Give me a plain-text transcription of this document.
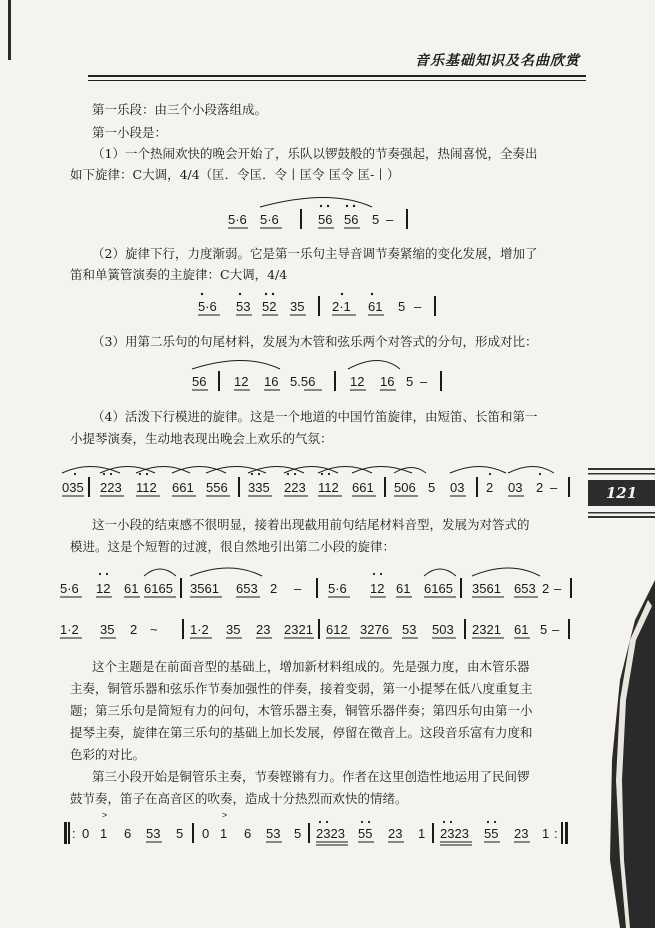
音乐基础知识及名曲欣赏
第一乐段：由三个小段落组成。
第一小段是：
（1）一个热闹欢快的晚会开始了，乐队以锣鼓般的节奏强起，热闹喜悦，全奏出
如下旋律：C大调，4/4（匡．令匡．令丨匡令 匡令 匡-丨）
5·6 5·6	56 56 5 –
（2）旋律下行，力度渐弱。它是第一乐句主导音调节奏紧缩的变化发展，增加了
笛和单簧管演奏的主旋律：C大调，4/4
5·6 53 52 35 2·1 61 5 –
（3）用第二乐句的句尾材料，发展为木管和弦乐两个对答式的分句，形成对比：
56 12 16 5.56	12 16 5 –
（4）活泼下行模进的旋律。这是一个地道的中国竹笛旋律，由短笛、长笛和第一
小提琴演奏，生动地表现出晚会上欢乐的气氛：
035 223 112 661 556 335 223 112 661 506 5 03 2 03 2 –
这一小段的结束感不很明显，接着出现截用前句结尾材料音型，发展为对答式的
模进。这是个短暂的过渡，很自然地引出第二小段的旋律：
5·6 12 61 6165 3561 653 2 – 5·6 12 61 6165 3561 653 2 –
1·2 35 2 ~ 1·2 35 23 2321 612 3276 53 503 2321 61 5 –
这个主题是在前面音型的基础上，增加新材料组成的。先是强力度，由木管乐器
主奏，铜管乐器和弦乐作节奏加强性的伴奏，接着变弱，第一小提琴在低八度重复主
题；第三乐句是简短有力的问句，木管乐器主奏，铜管乐器伴奏；第四乐句由第一小
提琴主奏，旋律在第三乐句的基础上加长发展，停留在徵音上。这段音乐富有力度和
色彩的对比。
第三小段开始是铜管乐主奏，节奏铿锵有力。作者在这里创造性地运用了民间锣
鼓节奏，笛子在高音区的吹奏，造成十分热烈而欢快的情绪。
: 0 1 6 53 5 0 1 6 53 5 2323 55 23 1 2323 55 23 1 :
121
>	>
